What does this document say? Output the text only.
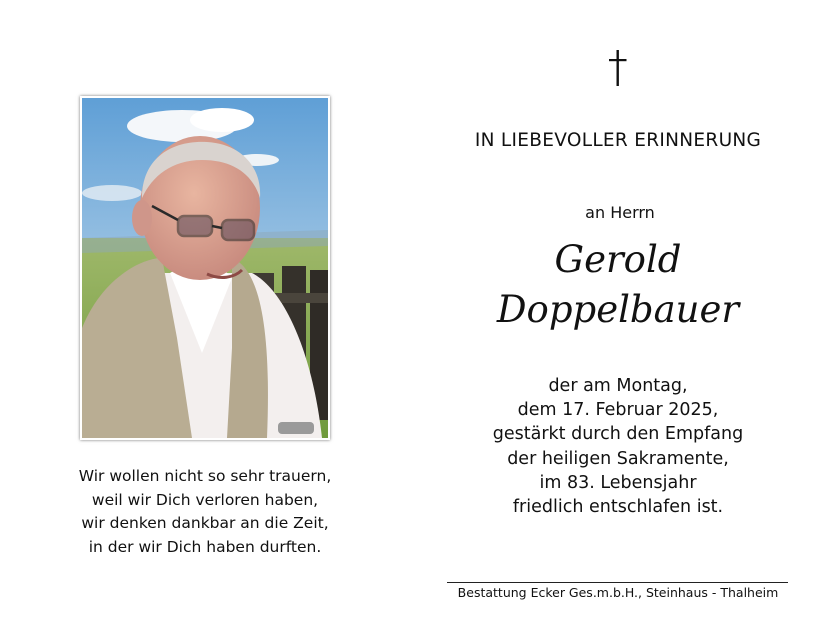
Wir wollen nicht so sehr trauern,
weil wir Dich verloren haben,
wir denken dankbar an die Zeit,
in der wir Dich haben durften.
IN LIEBEVOLLER ERINNERUNG
an Herrn
Gerold
Doppelbauer
der am Montag,
dem 17. Februar 2025,
gestärkt durch den Empfang
der heiligen Sakramente,
im 83. Lebensjahr
friedlich entschlafen ist.
Bestattung Ecker Ges.m.b.H., Steinhaus - Thalheim
